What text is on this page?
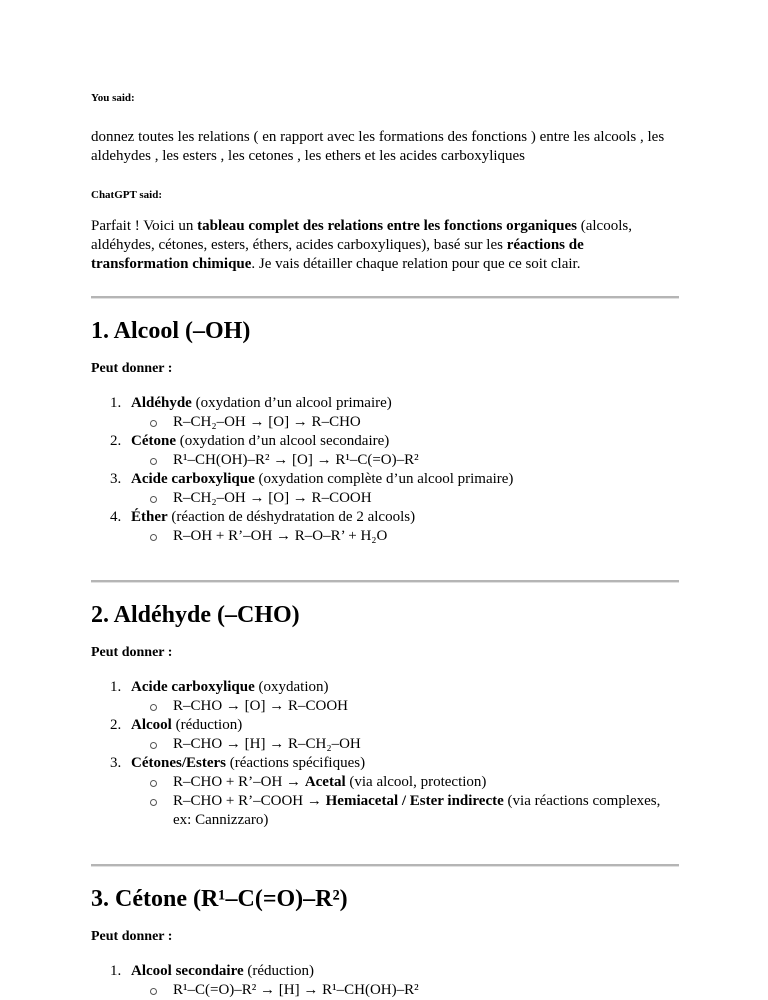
You said:

donnez toutes les relations ( en rapport avec les formations des fonctions ) entre les alcools , les aldehydes , les esters , les cetones , les ethers et les acides carboxyliques

ChatGPT said:

Parfait ! Voici un tableau complet des relations entre les fonctions organiques (alcools, aldéhydes, cétones, esters, éthers, acides carboxyliques), basé sur les réactions de transformation chimique. Je vais détailler chaque relation pour que ce soit clair.

1. Alcool (–OH)

Peut donner :

1. Aldéhyde (oxydation d’un alcool primaire)
R–CH₂–OH → [O] → R–CHO
2. Cétone (oxydation d’un alcool secondaire)
R¹–CH(OH)–R² → [O] → R¹–C(=O)–R²
3. Acide carboxylique (oxydation complète d’un alcool primaire)
R–CH₂–OH → [O] → R–COOH
4. Éther (réaction de déshydratation de 2 alcools)
R–OH + R’–OH → R–O–R’ + H₂O
2. Aldéhyde (–CHO)

Peut donner :

1. Acide carboxylique (oxydation)
R–CHO → [O] → R–COOH
2. Alcool (réduction)
R–CHO → [H] → R–CH₂–OH
3. Cétones/Esters (réactions spécifiques)
R–CHO + R’–OH → Acetal (via alcool, protection)
R–CHO + R’–COOH → Hemiacetal / Ester indirecte (via réactions complexes, ex: Cannizzaro)
3. Cétone (R¹–C(=O)–R²)

Peut donner :

1. Alcool secondaire (réduction)
R¹–C(=O)–R² → [H] → R¹–CH(OH)–R²
